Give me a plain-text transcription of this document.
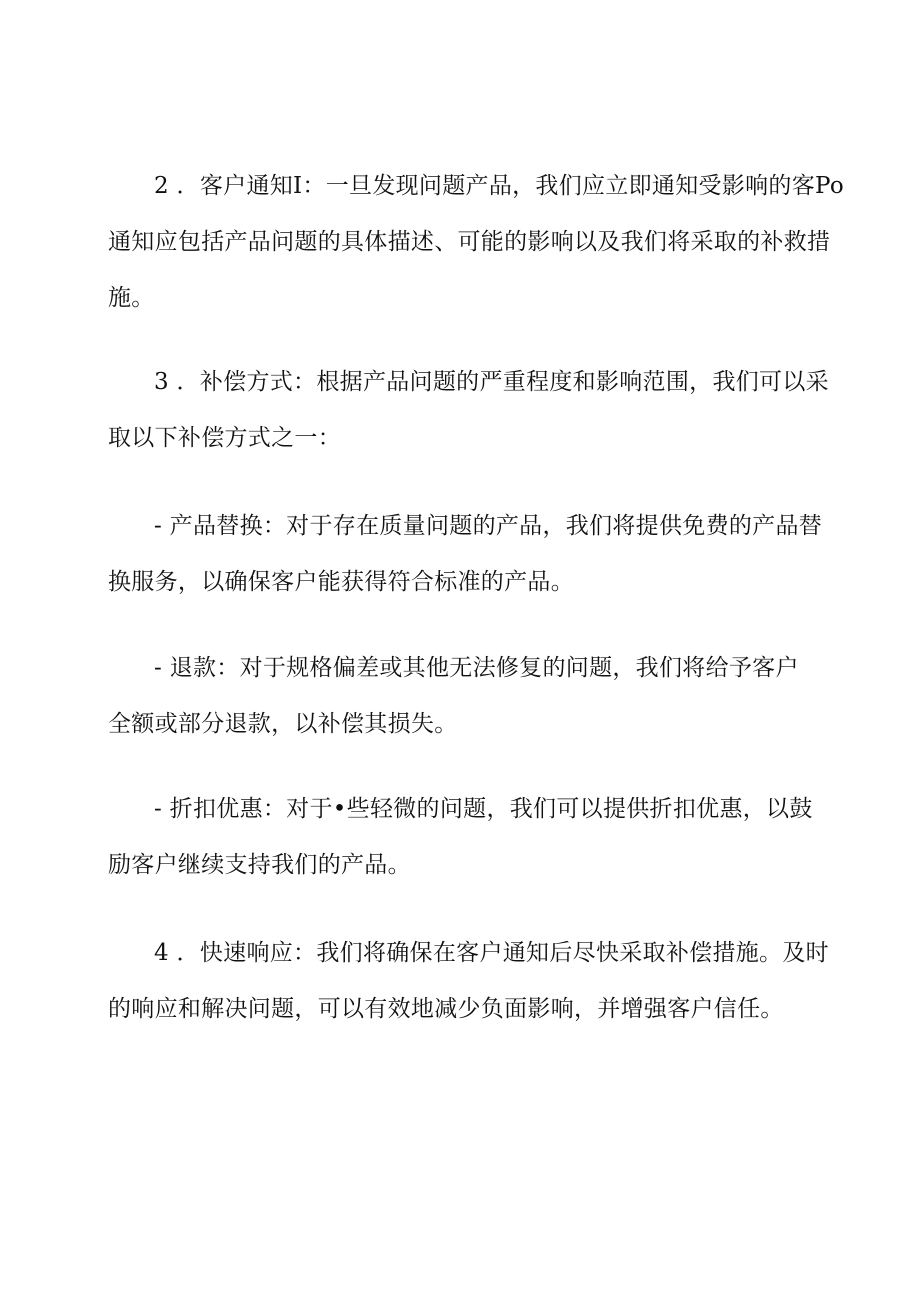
2 ．客户通知I：一旦发现问题产品，我们应立即通知受影响的客Po
通知应包括产品问题的具体描述、可能的影响以及我们将采取的补救措
施。

3 ．补偿方式：根据产品问题的严重程度和影响范围，我们可以采
取以下补偿方式之一：

- 产品替换：对于存在质量问题的产品，我们将提供免费的产品替
换服务，以确保客户能获得符合标准的产品。

- 退款：对于规格偏差或其他无法修复的问题，我们将给予客户
全额或部分退款，以补偿其损失。

- 折扣优惠：对于•些轻微的问题，我们可以提供折扣优惠，以鼓
励客户继续支持我们的产品。

4 ．快速响应：我们将确保在客户通知后尽快采取补偿措施。及时
的响应和解决问题，可以有效地减少负面影响，并增强客户信任。
